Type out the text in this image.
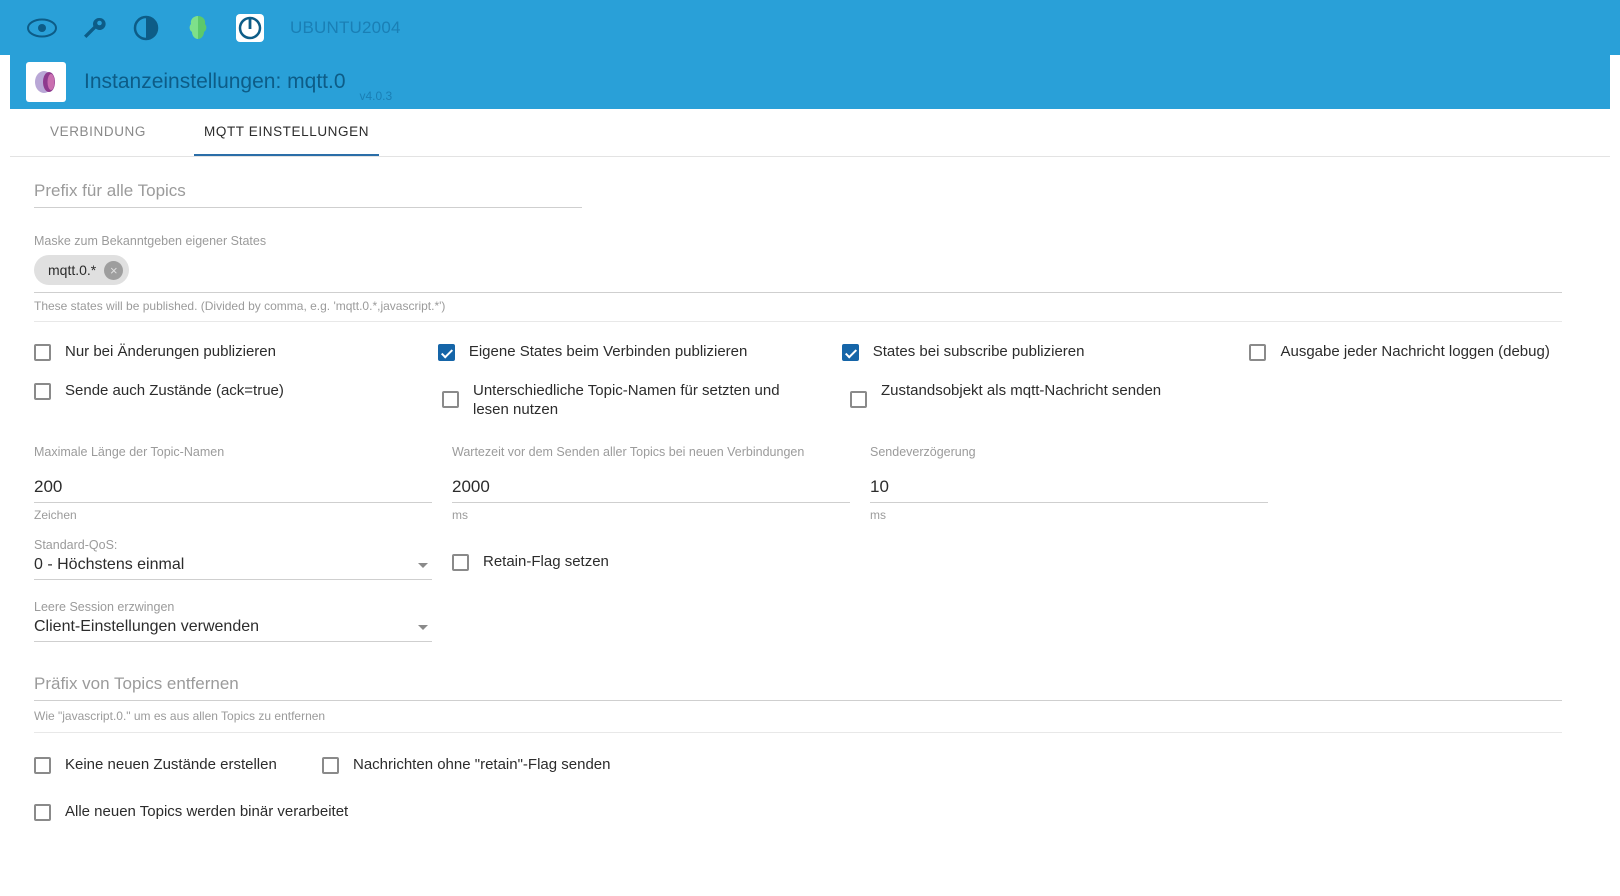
UBUNTU2004
Instanzeinstellungen: mqtt.0
v4.0.3
VERBINDUNG	MQTT EINSTELLUNGEN
Prefix für alle Topics
Maske zum Bekanntgeben eigener States
mqtt.0.*	×
These states will be published. (Divided by comma, e.g. 'mqtt.0.*,javascript.*')
Nur bei Änderungen publizieren	Eigene States beim Verbinden publizieren	States bei subscribe publizieren	Ausgabe jeder Nachricht loggen (debug)
Sende auch Zustände (ack=true)	Unterschiedliche Topic-Namen für setzten und lesen nutzen
Zustandsobjekt als mqtt-Nachricht senden
Maximale Länge der Topic-Namen
200
Zeichen
Wartezeit vor dem Senden aller Topics bei neuen Verbindungen
2000
ms
Sendeverzögerung
10
ms
Standard-QoS:
0 - Höchstens einmal	Retain-Flag setzen
Leere Session erzwingen
Client-Einstellungen verwenden
Präfix von Topics entfernen
Wie "javascript.0." um es aus allen Topics zu entfernen
Keine neuen Zustände erstellen	Nachrichten ohne "retain"-Flag senden
Alle neuen Topics werden binär verarbeitet
